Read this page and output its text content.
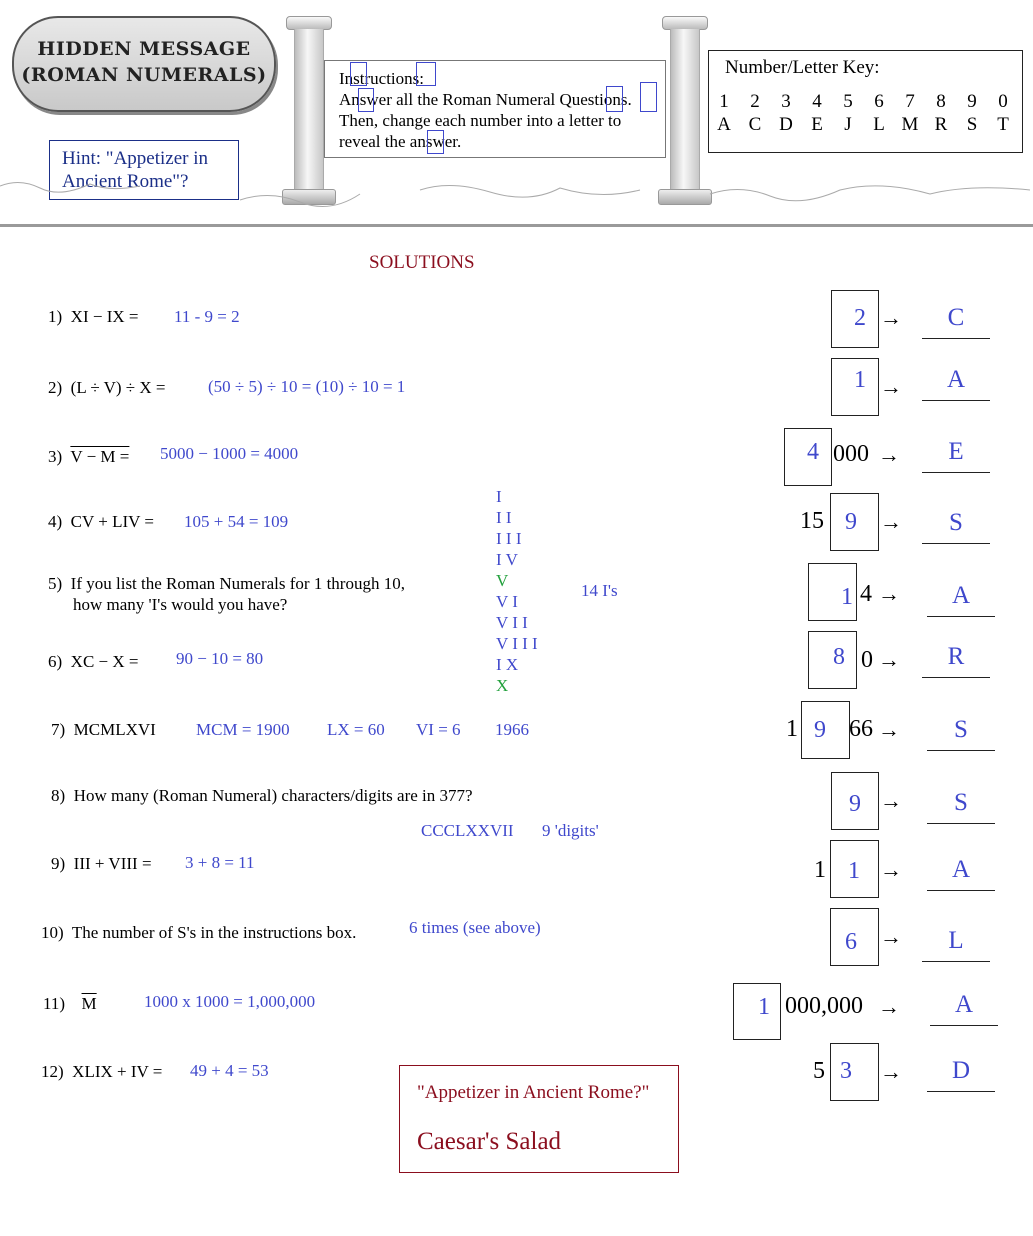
HIDDEN MESSAGE
(ROMAN NUMERALS)
Hint: "Appetizer in Ancient Rome"?
Instructions:
Answer all the Roman Numeral Questions. Then, change each number into a letter to reveal the answer.
Number/Letter Key:
1	2	3	4	5	6	7	8	9	0
A C D E	J	L M R	S	T
SOLUTIONS
1) XI − IX = 11 - 9 = 2
2) (L ÷ V) ÷ X =	(50 ÷ 5) ÷ 10 = (10) ÷ 10 = 1
3) V − M = 5000 − 1000 = 4000
4) CV + LIV = 105 + 54 = 109
5) If you list the Roman Numerals for 1 through 10,
how many 'I's would you have?
14 I's
6) XC − X = 90 − 10 = 80
7) MCMLXVI MCM = 1900 LX = 60 VI = 6 1966
8) How many (Roman Numeral) characters/digits are in 377?
CCCLXXVII 9 'digits'
9) III + VIII = 3 + 8 = 11
10) The number of S's in the instructions box.	6 times (see above)
11) $\overline{M}$	1000 x 1000 = 1,000,000
12) XLIX + IV = 49 + 4 = 53
I
I I
I I I
I V
V
V I
V I I
V I I I
I X
X
2 →	C
1 →	A
4 000 →	E
15 9 →	S
1 4 →	A
8 0 →	R
1 9 66 →	S
9 →	S
1 1 →	A
6 →	L
1 000,000 →	A
5 3 →	D
"Appetizer in Ancient Rome?"
Caesar's Salad
